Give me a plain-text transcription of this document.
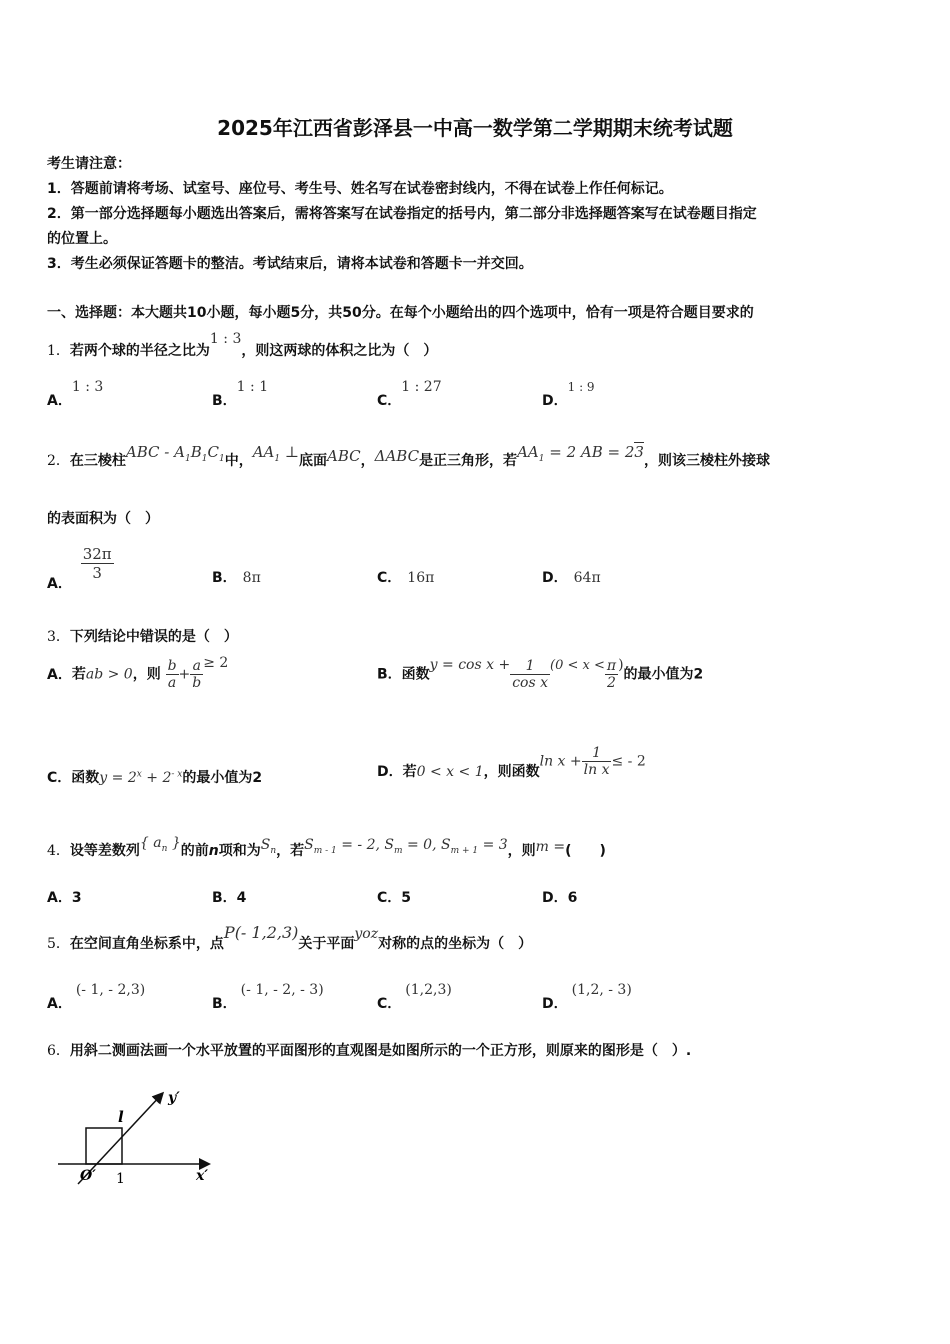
2025年江西省彭泽县一中高一数学第二学期期末统考试题
考生请注意：
1．答题前请将考场、试室号、座位号、考生号、姓名写在试卷密封线内，不得在试卷上作任何标记。
2．第一部分选择题每小题选出答案后，需将答案写在试卷指定的括号内，第二部分非选择题答案写在试卷题目指定
的位置上。
3．考生必须保证答题卡的整洁。考试结束后，请将本试卷和答题卡一并交回。
一、选择题：本大题共10小题，每小题5分，共50分。在每个小题给出的四个选项中，恰有一项是符合题目要求的
1．若两个球的半径之比为1 : 3，则这两球的体积之比为（　）
A．1 : 3
B．1 : 1
C．1 : 27
D．1 : 9
2．在三棱柱ABC - $A_1B_1C_1$中，$AA_1$ ⊥底面ABC，ΔABC是正三角形，若$AA_1 = 2$ AB = 23，则该三棱柱外接球
的表面积为（　）
A．
$\frac{32\pi}{3}$	B． 8π	C． 16π	D． 64π
3．下列结论中错误的是（　）
A．若ab > 0，则 $\frac{b}{a} + \frac{a}{b} \ge 2$
B．函数$y = \cos x + \frac{1}{\text{cos x}} (0 < x < \frac{\pi}{2}$ )的最小值为2
C．函数$y = 2^x + 2^{- x}$的最小值为2	D．若0 < x < 1，则函数$\ln x + \frac{1}{\text{ln x}}$ ≤ - 2
4．设等差数列{ $a_n$ }的前n项和为$S_n$，若$S_{m - 1}$ = - 2, $S_m = 0$, $S_{m + 1} = 3$，则m =(　　)
A．3	B．4	C．5	D．6
5．在空间直角坐标系中，点P(- 1,2,3)关于平面yoz对称的点的坐标为（　）
A．(- 1, - 2,3)
B．(- 1, - 2, - 3)
C．(1,2,3)
D．(1,2, - 3)
6．用斜二测画法画一个水平放置的平面图形的直观图是如图所示的一个正方形，则原来的图形是（　）.
y′
x′
O′ 1
l
